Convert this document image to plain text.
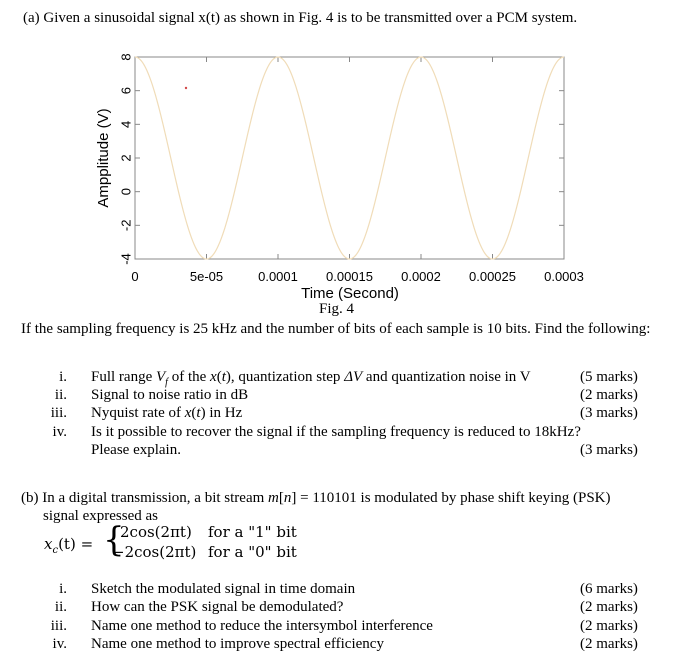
(a) Given a sinusoidal signal x(t) as shown in Fig. 4 is to be transmitted over a PCM system.
-4
-2
0
2
4
6
8
0	5e-05	0.0001 0.00015 0.0002 0.00025 0.0003
Time (Second)
Ampplitude (V)
Fig. 4
If the sampling frequency is 25 kHz and the number of bits of each sample is 10 bits. Find the following:
i. Full range $V_f$ of the x(t), quantization step ΔV and quantization noise in V	(5 marks)
ii. Signal to noise ratio in dB	(2 marks)
iii. Nyquist rate of x(t) in Hz	(3 marks)
iv. Is it possible to recover the signal if the sampling frequency is reduced to 18kHz?
Please explain.	(3 marks)
(b) In a digital transmission, a bit stream m[n] = 110101 is modulated by phase shift keying (PSK)
signal expressed as
$x_c(t)$ = {
2cos(2πt) for a "1" bit
−2cos(2πt) for a "0" bit
i. Sketch the modulated signal in time domain	(6 marks)
ii. How can the PSK signal be demodulated?	(2 marks)
iii. Name one method to reduce the intersymbol interference	(2 marks)
iv. Name one method to improve spectral efficiency	(2 marks)
